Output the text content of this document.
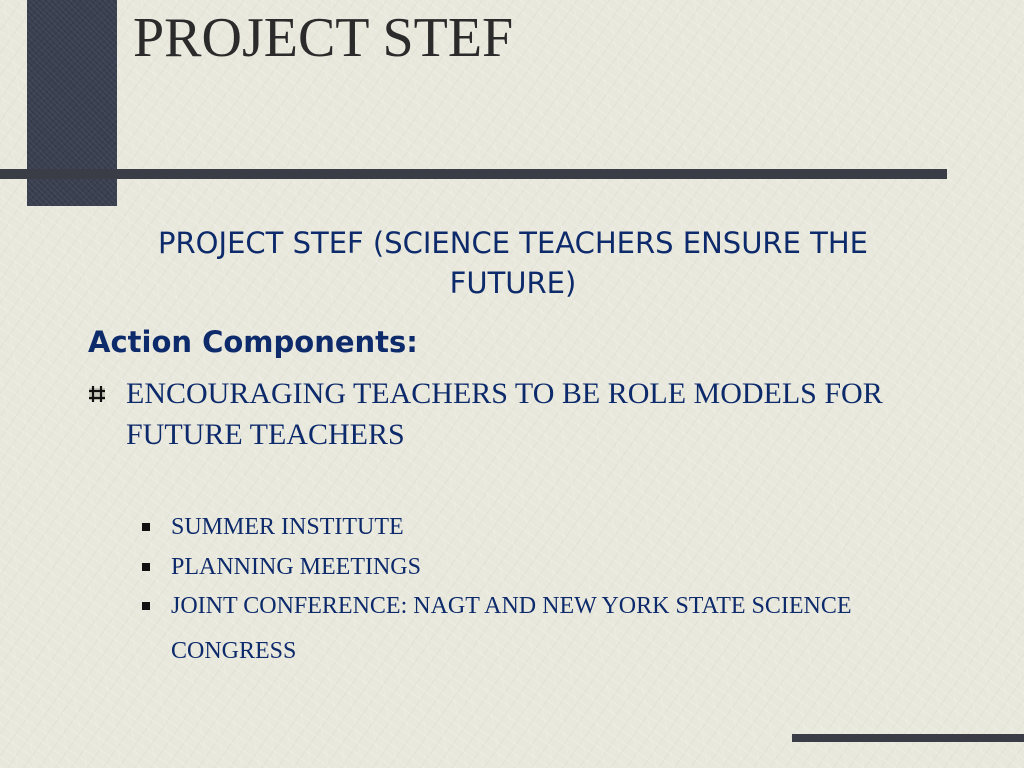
PROJECT STEF
PROJECT STEF (SCIENCE TEACHERS ENSURE THE FUTURE)
Action Components:
ENCOURAGING TEACHERS TO BE ROLE MODELS FOR FUTURE TEACHERS
SUMMER INSTITUTE
PLANNING MEETINGS
JOINT CONFERENCE: NAGT AND NEW YORK STATE SCIENCE CONGRESS
